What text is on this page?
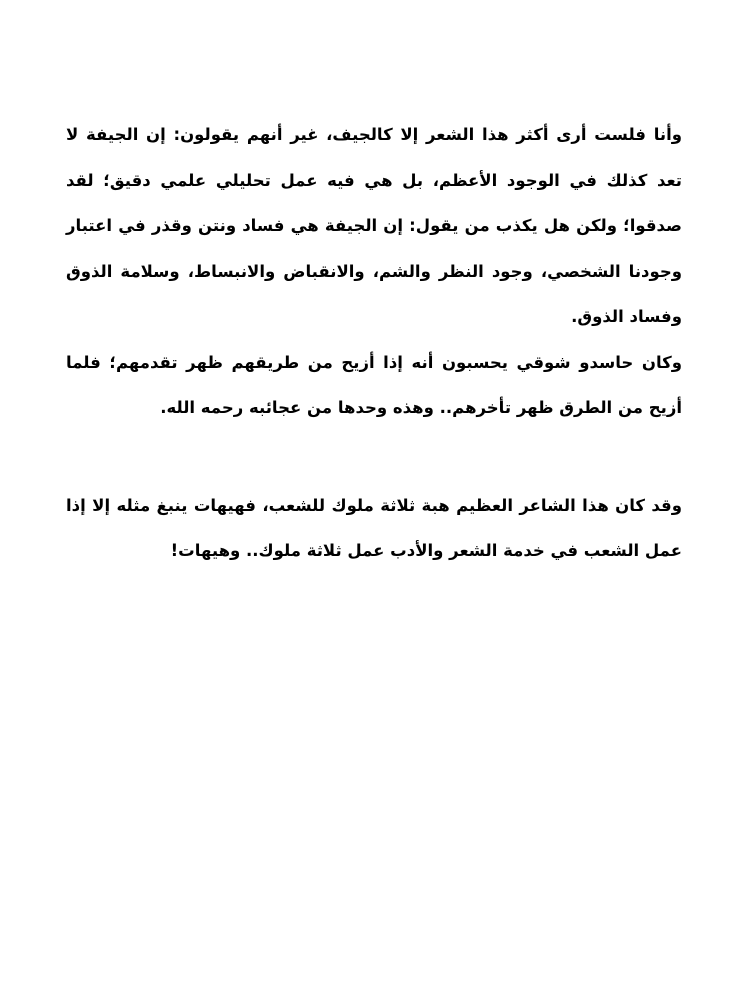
وأنا فلست أرى أكثر هذا الشعر إلا كالجيف، غير أنهم يقولون: إن الجيفة لا تعد كذلك في الوجود الأعظم، بل هي فيه عمل تحليلي علمي دقيق؛ لقد صدقوا؛ ولكن هل يكذب من يقول: إن الجيفة هي فساد ونتن وقذر في اعتبار وجودنا الشخصي، وجود النظر والشم، والانقباض والانبساط، وسلامة الذوق وفساد الذوق.

وكان حاسدو شوقي يحسبون أنه إذا أزيح من طريقهم ظهر تقدمهم؛ فلما أزيح من الطرق ظهر تأخرهم.. وهذه وحدها من عجائبه رحمه الله.

وقد كان هذا الشاعر العظيم هبة ثلاثة ملوك للشعب، فهيهات ينبغ مثله إلا إذا عمل الشعب في خدمة الشعر والأدب عمل ثلاثة ملوك.. وهيهات!
